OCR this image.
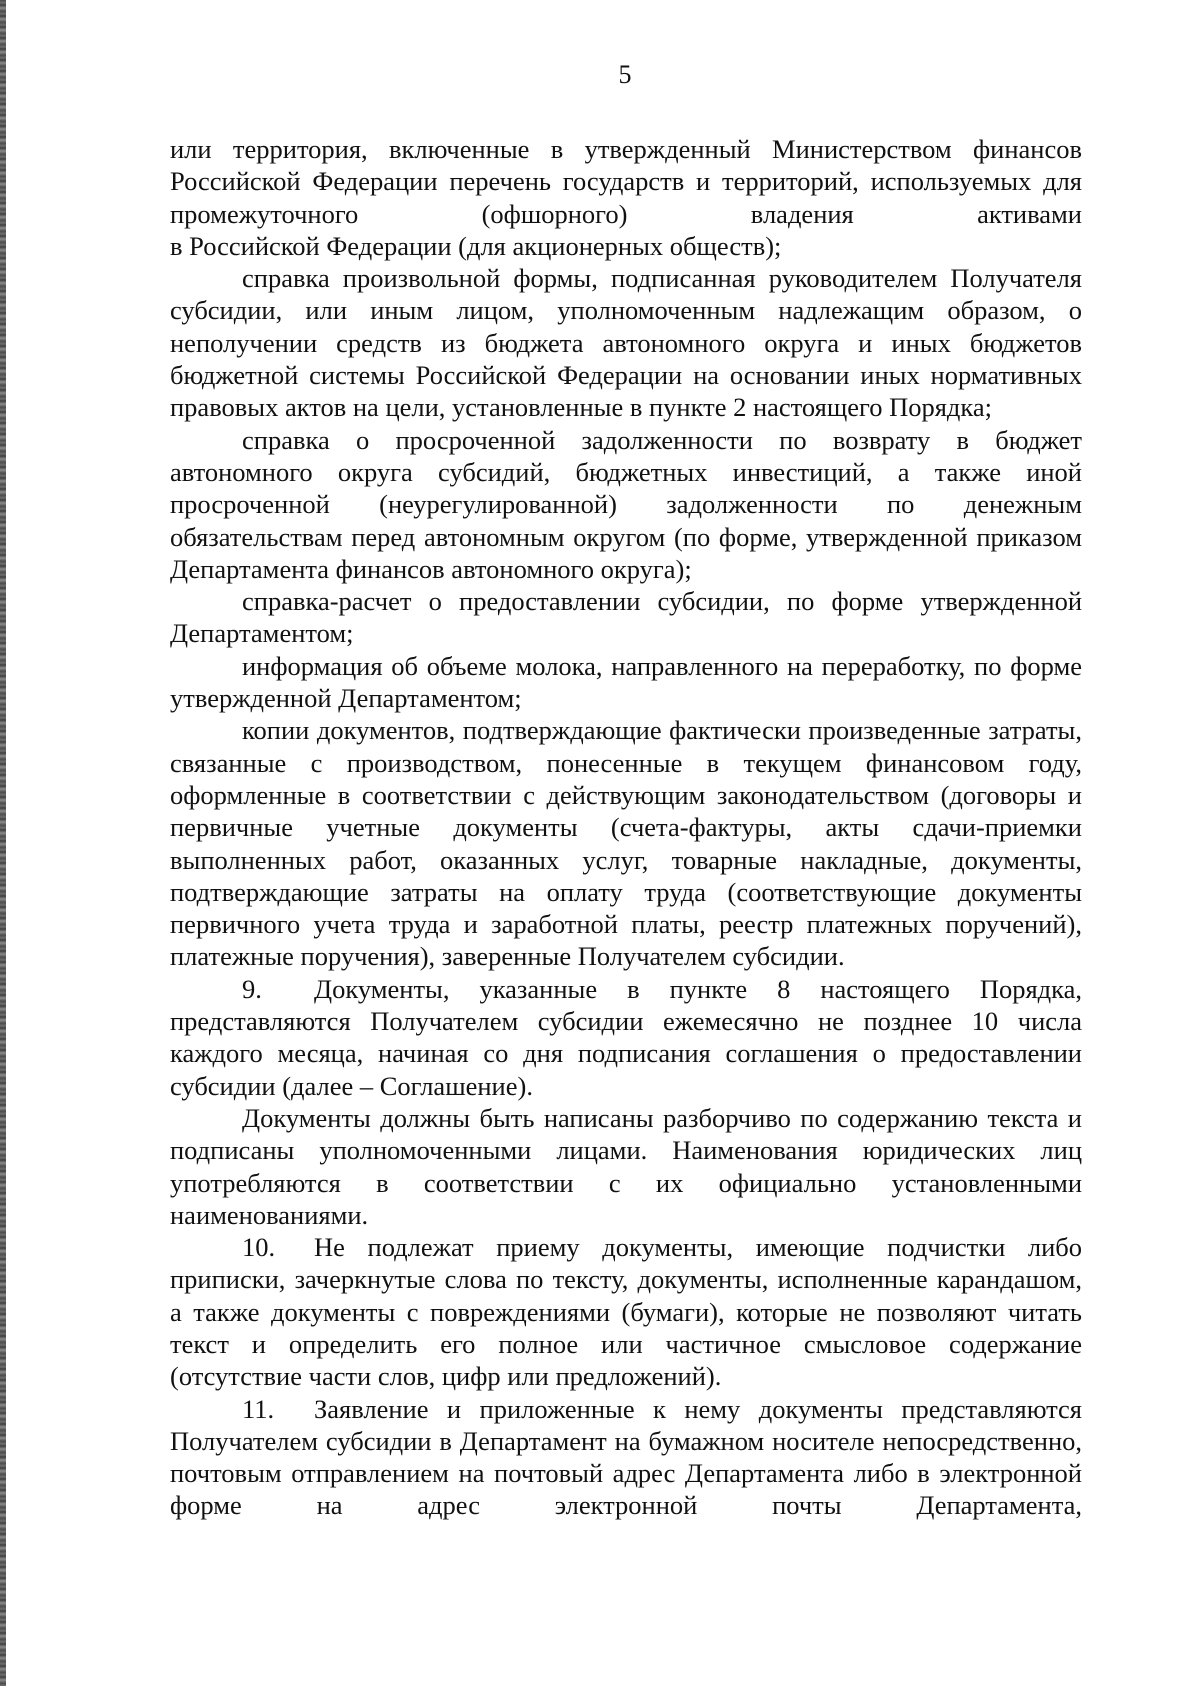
5

или территория, включенные в утвержденный Министерством финансов Российской Федерации перечень государств и территорий, используемых для промежуточного (офшорного) владения активами

в Российской Федерации (для акционерных обществ);

справка произвольной формы, подписанная руководителем Получателя субсидии, или иным лицом, уполномоченным надлежащим образом, о неполучении средств из бюджета автономного округа и иных бюджетов бюджетной системы Российской Федерации на основании иных нормативных правовых актов на цели, установленные в пункте 2 настоящего Порядка;

справка о просроченной задолженности по возврату в бюджет автономного округа субсидий, бюджетных инвестиций, а также иной просроченной (неурегулированной) задолженности по денежным обязательствам перед автономным округом (по форме, утвержденной приказом Департамента финансов автономного округа);

справка-расчет о предоставлении субсидии, по форме утвержденной Департаментом;

информация об объеме молока, направленного на переработку, по форме утвержденной Департаментом;

копии документов, подтверждающие фактически произведенные затраты, связанные с производством, понесенные в текущем финансовом году, оформленные в соответствии с действующим законодательством (договоры и первичные учетные документы (счета-фактуры, акты сдачи-приемки выполненных работ, оказанных услуг, товарные накладные, документы, подтверждающие затраты на оплату труда (соответствующие документы первичного учета труда и заработной платы, реестр платежных поручений), платежные поручения), заверенные Получателем субсидии.

9. Документы, указанные в пункте 8 настоящего Порядка, представляются Получателем субсидии ежемесячно не позднее 10 числа каждого месяца, начиная со дня подписания соглашения о предоставлении субсидии (далее – Соглашение).

Документы должны быть написаны разборчиво по содержанию текста и подписаны уполномоченными лицами. Наименования юридических лиц употребляются в соответствии с их официально установленными наименованиями.

10. Не подлежат приему документы, имеющие подчистки либо приписки, зачеркнутые слова по тексту, документы, исполненные карандашом, а также документы с повреждениями (бумаги), которые не позволяют читать текст и определить его полное или частичное смысловое содержание (отсутствие части слов, цифр или предложений).

11. Заявление и приложенные к нему документы представляются Получателем субсидии в Департамент на бумажном носителе непосредственно, почтовым отправлением на почтовый адрес Департамента либо в электронной форме на адрес электронной почты Департамента,
